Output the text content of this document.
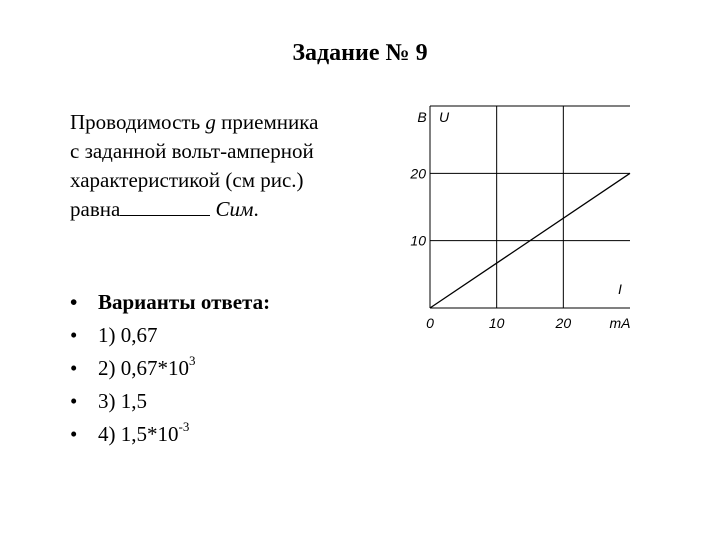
Задание № 9
Проводимость g приемника с заданной вольт-амперной характеристикой (см рис.) равна	Сим.
• Варианты ответа:
• 1) 0,67
• 2) $0,67*10^3$
• 3) 1,5
• 4) $1,5*10^{-3}$
0	10	20
10
20
B U
I
mA
